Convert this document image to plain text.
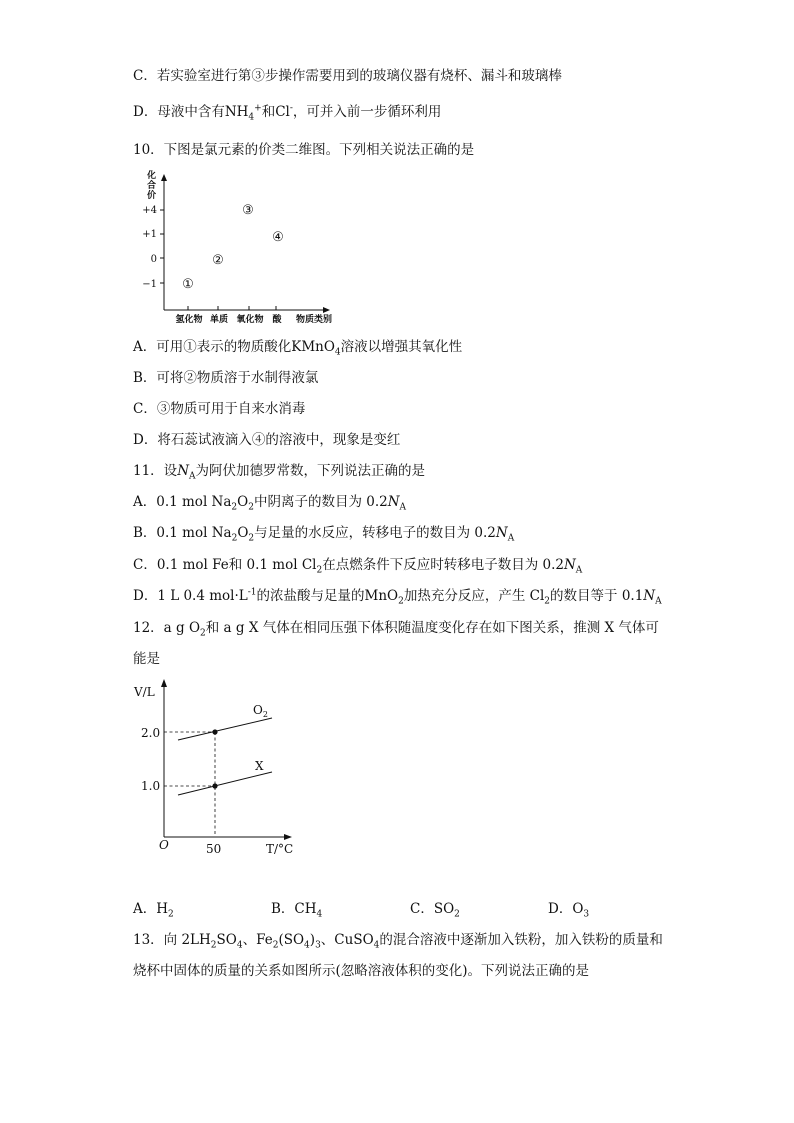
C．若实验室进行第③步操作需要用到的玻璃仪器有烧杯、漏斗和玻璃棒
D．母液中含有$NH_4^+$和Cl-，可并入前一步循环利用
10．下图是氯元素的价类二维图。下列相关说法正确的是
化
合
价
+4
+1
0
−1
氢化物 单质 氧化物 酸 物质类别
①
②
③
④
A．可用①表示的物质酸化KMnO$_4$溶液以增强其氧化性
B．可将②物质溶于水制得液氯
C．③物质可用于自来水消毒
D．将石蕊试液滴入④的溶液中，现象是变红
11．设$N_A$为阿伏加德罗常数，下列说法正确的是
A．0.1 mol $Na_2O_2$中阴离子的数目为 $0.2N_A$
B．0.1 mol $Na_2O_2$与足量的水反应，转移电子的数目为 $0.2N_A$
C．0.1 mol Fe和 0.1 mol $Cl_2$在点燃条件下反应时转移电子数目为 $0.2N_A$
D．1 L 0.4 $mol\cdot L^{-1}$的浓盐酸与足量的MnO$_2$加热充分反应，产生 $Cl_2$的数目等于 $0.1N_A$
12．a g $O_2$和 a g X 气体在相同压强下体积随温度变化存在如下图关系，推测 X 气体可
能是
V/L
T/°C
O
2.0
1.0
50
$O_2$
X
A．$H_2$	B．$CH_4$	C．$SO_2$	D．$O_3$
13．向 $2LH_2SO_4$、$Fe_2(SO_4)_3$、CuSO$_4$的混合溶液中逐渐加入铁粉，加入铁粉的质量和
烧杯中固体的质量的关系如图所示(忽略溶液体积的变化)。下列说法正确的是
